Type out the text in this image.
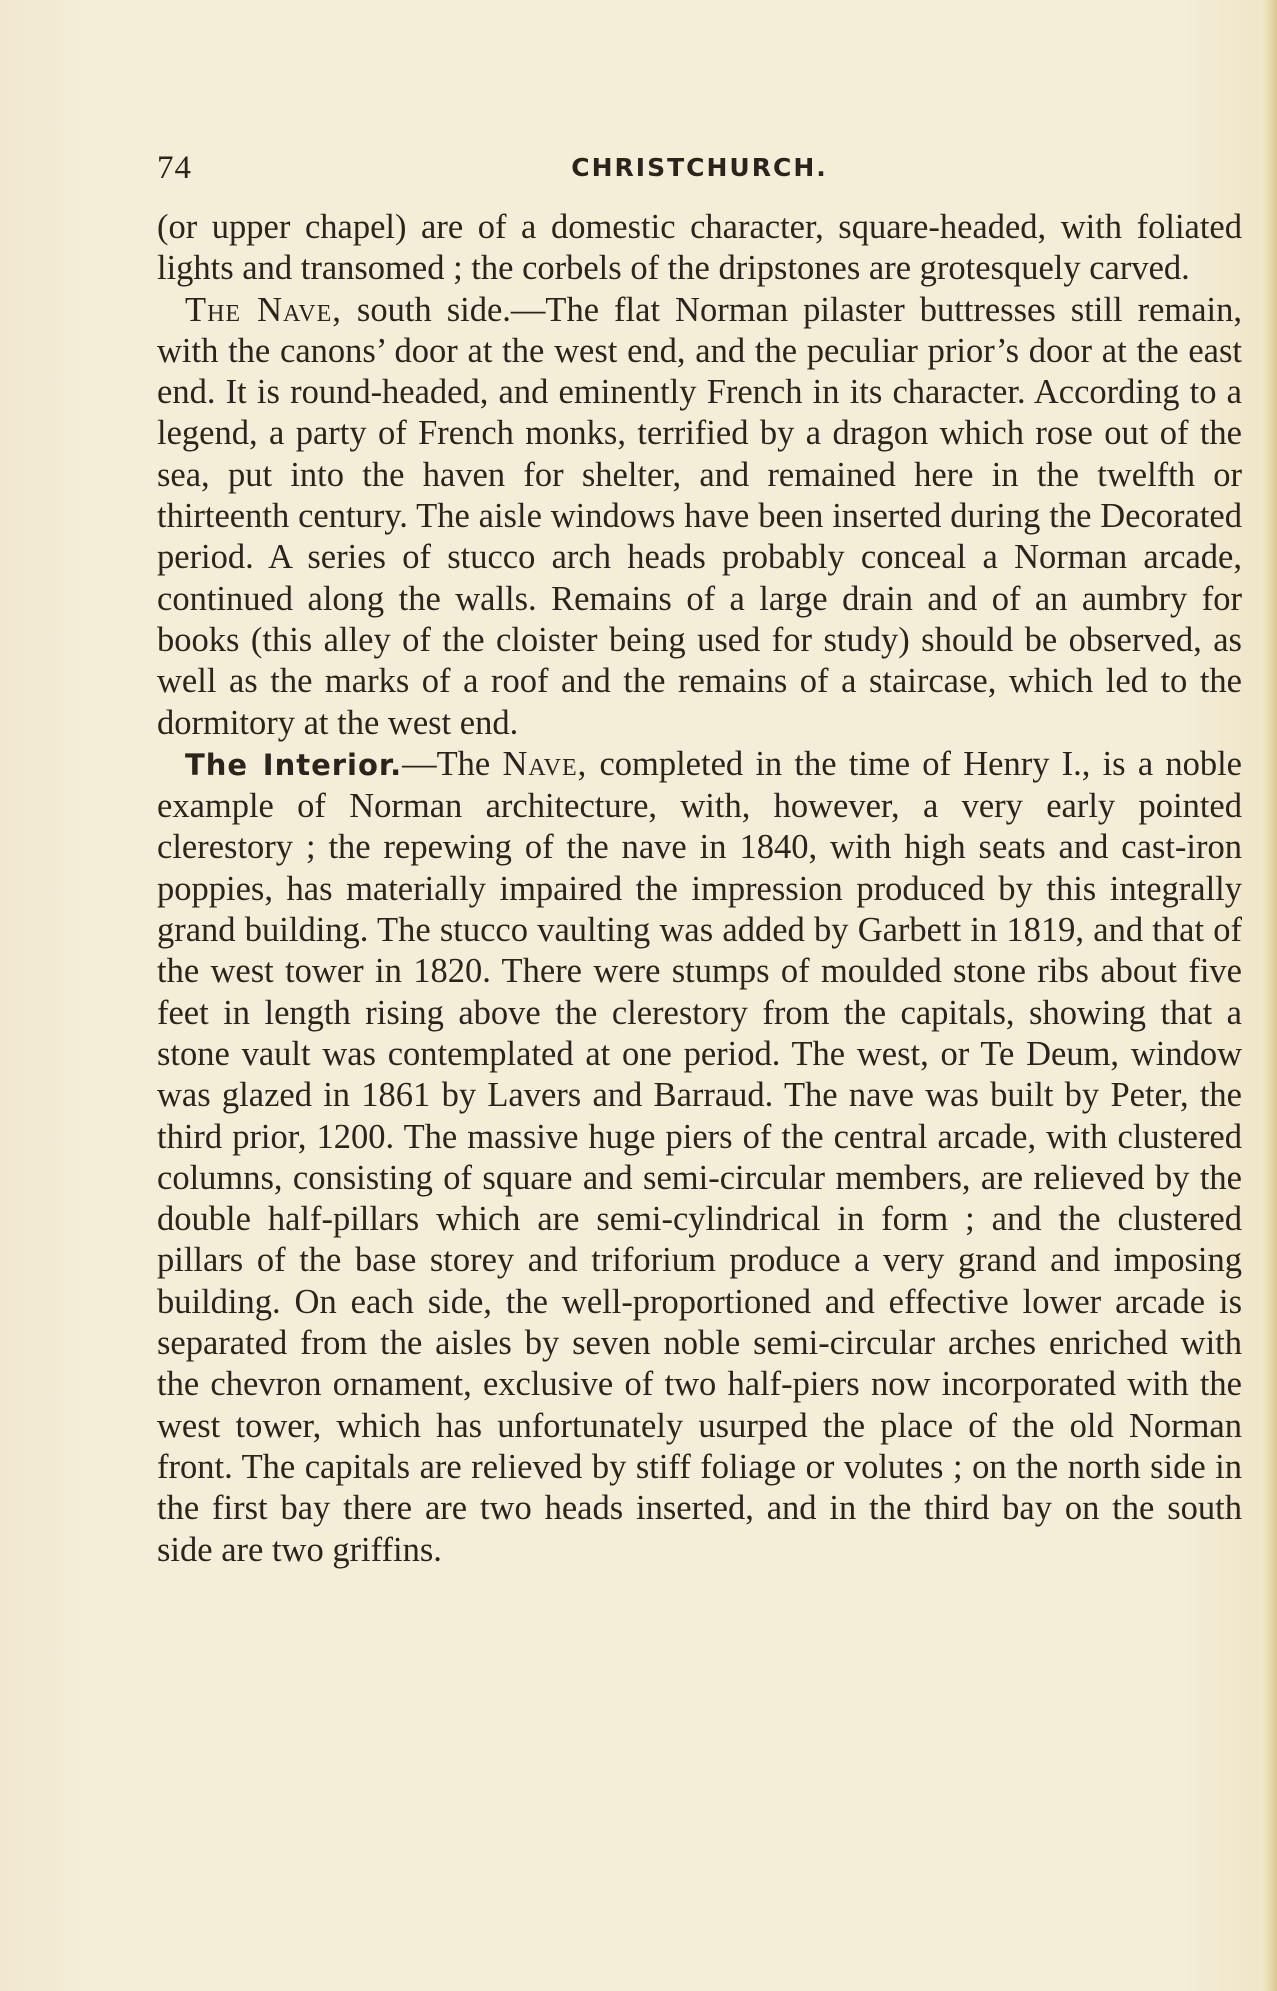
74	CHRISTCHURCH.

(or upper chapel) are of a domestic character, square-headed, with foliated lights and transomed ; the corbels of the dripstones are grotesquely carved.

The Nave, south side.—The flat Norman pilaster buttresses still remain, with the canons’ door at the west end, and the peculiar prior’s door at the east end. It is round-headed, and eminently French in its character. According to a legend, a party of French monks, terrified by a dragon which rose out of the sea, put into the haven for shelter, and remained here in the twelfth or thirteenth century. The aisle windows have been inserted during the Decorated period. A series of stucco arch heads probably conceal a Norman arcade, continued along the walls. Remains of a large drain and of an aumbry for books (this alley of the cloister being used for study) should be observed, as well as the marks of a roof and the remains of a staircase, which led to the dormitory at the west end.

The Interior.—The Nave, completed in the time of Henry I., is a noble example of Norman architecture, with, however, a very early pointed clerestory ; the repewing of the nave in 1840, with high seats and cast-iron poppies, has materially impaired the impression produced by this integrally grand building. The stucco vaulting was added by Garbett in 1819, and that of the west tower in 1820. There were stumps of moulded stone ribs about five feet in length rising above the clerestory from the capitals, showing that a stone vault was contemplated at one period. The west, or Te Deum, window was glazed in 1861 by Lavers and Barraud. The nave was built by Peter, the third prior, 1200. The massive huge piers of the central arcade, with clustered columns, consisting of square and semi-circular members, are relieved by the double half-pillars which are semi-cylindrical in form ; and the clustered pillars of the base storey and triforium produce a very grand and imposing building. On each side, the well-proportioned and effective lower arcade is separated from the aisles by seven noble semi-circular arches enriched with the chevron ornament, exclusive of two half-piers now incorporated with the west tower, which has unfortunately usurped the place of the old Norman front. The capitals are relieved by stiff foliage or volutes ; on the north side in the first bay there are two heads inserted, and in the third bay on the south side are two griffins.
